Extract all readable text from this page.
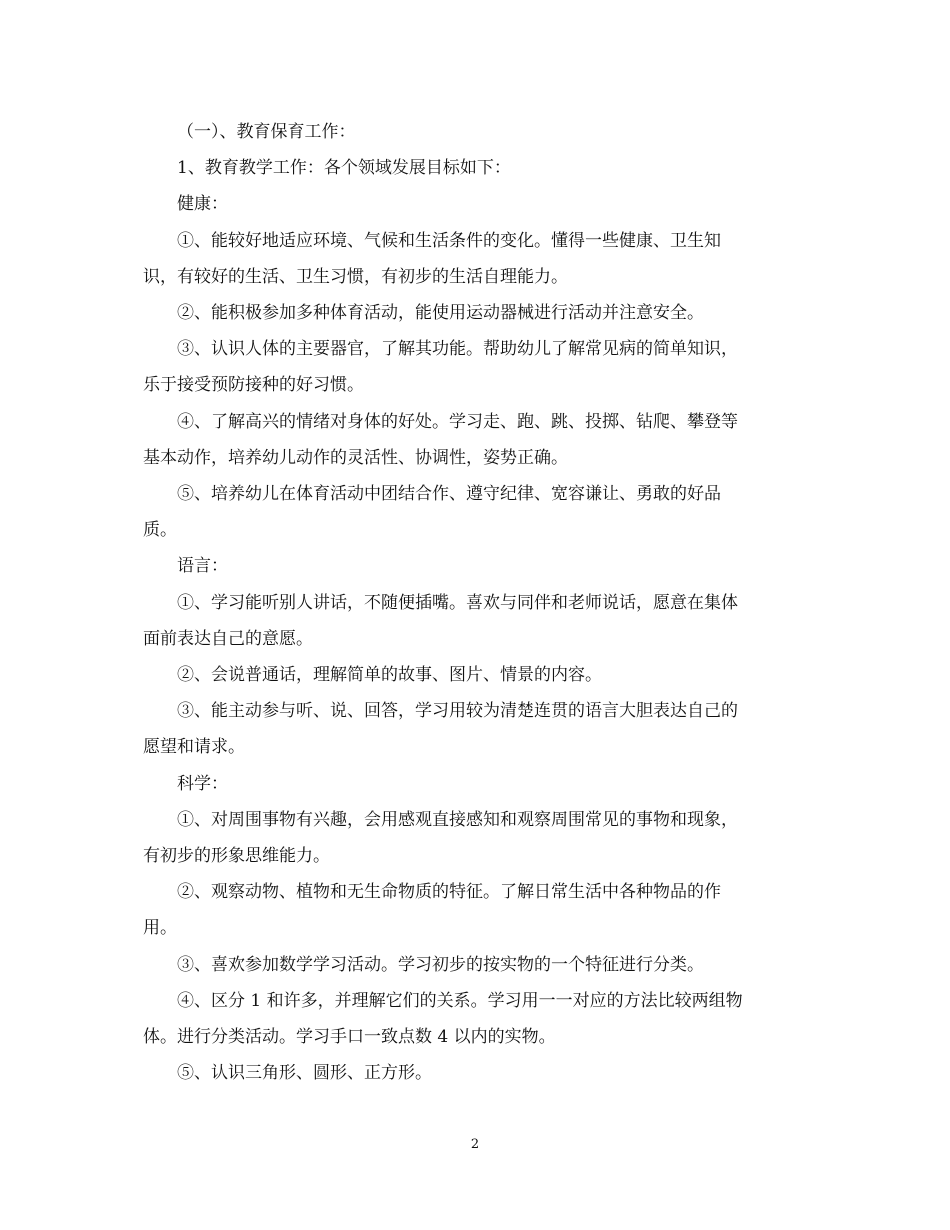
（一）、教育保育工作：

1、教育教学工作：各个领域发展目标如下：

健康：

①、能较好地适应环境、气候和生活条件的变化。懂得一些健康、卫生知

识，有较好的生活、卫生习惯，有初步的生活自理能力。

②、能积极参加多种体育活动，能使用运动器械进行活动并注意安全。

③、认识人体的主要器官，了解其功能。帮助幼儿了解常见病的简单知识，

乐于接受预防接种的好习惯。

④、了解高兴的情绪对身体的好处。学习走、跑、跳、投掷、钻爬、攀登等

基本动作，培养幼儿动作的灵活性、协调性，姿势正确。

⑤、培养幼儿在体育活动中团结合作、遵守纪律、宽容谦让、勇敢的好品

质。

语言：

①、学习能听别人讲话，不随便插嘴。喜欢与同伴和老师说话，愿意在集体

面前表达自己的意愿。

②、会说普通话，理解简单的故事、图片、情景的内容。

③、能主动参与听、说、回答，学习用较为清楚连贯的语言大胆表达自己的

愿望和请求。

科学：

①、对周围事物有兴趣，会用感观直接感知和观察周围常见的事物和现象，

有初步的形象思维能力。

②、观察动物、植物和无生命物质的特征。了解日常生活中各种物品的作

用。

③、喜欢参加数学学习活动。学习初步的按实物的一个特征进行分类。

④、区分 1 和许多，并理解它们的关系。学习用一一对应的方法比较两组物

体。进行分类活动。学习手口一致点数 4 以内的实物。

⑤、认识三角形、圆形、正方形。

2
